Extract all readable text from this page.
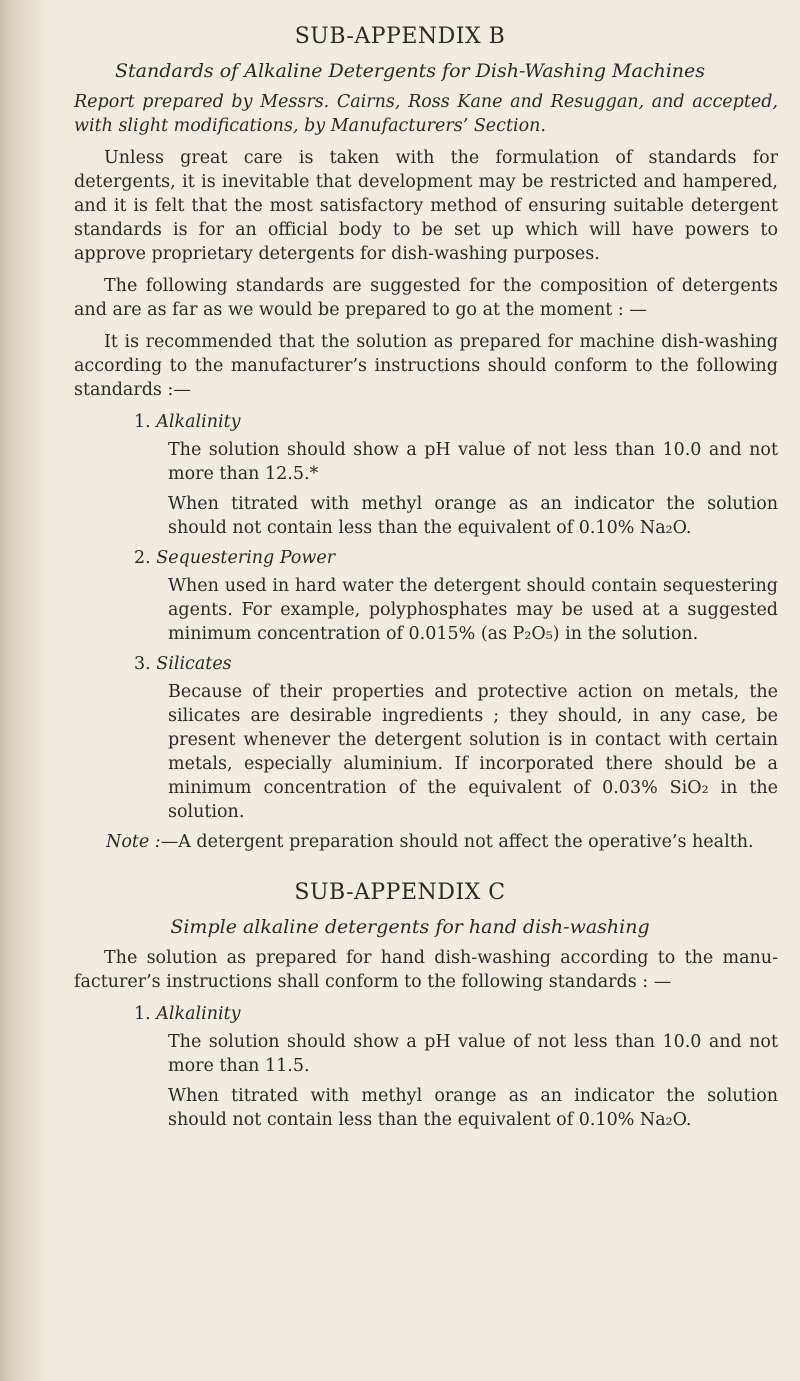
SUB-APPENDIX B
Standards of Alkaline Detergents for Dish-Washing Machines
Report prepared by Messrs. Cairns, Ross Kane and Resuggan, and accepted, with slight modifications, by Manufacturers’ Section.
Unless great care is taken with the formulation of standards for detergents, it is inevitable that development may be restricted and hampered, and it is felt that the most satisfactory method of ensuring suitable detergent standards is for an official body to be set up which will have powers to approve proprietary detergents for dish-washing purposes.
The following standards are suggested for the composition of detergents and are as far as we would be prepared to go at the moment : —
It is recommended that the solution as prepared for machine dish-washing according to the manufacturer’s instructions should conform to the following standards :—
1. Alkalinity
The solution should show a pH value of not less than 10.0 and not more than 12.5.*
When titrated with methyl orange as an indicator the solution should not contain less than the equivalent of 0.10% Na₂O.
2. Sequestering Power
When used in hard water the detergent should contain sequestering agents. For example, polyphosphates may be used at a suggested minimum concentration of 0.015% (as P₂O₅) in the solution.
3. Silicates
Because of their properties and protective action on metals, the silicates are desirable ingredients ; they should, in any case, be present whenever the detergent solution is in contact with certain metals, especially aluminium. If incorporated there should be a minimum concentration of the equivalent of 0.03% SiO₂ in the solution.
Note :—A detergent preparation should not affect the operative’s health.
SUB-APPENDIX C
Simple alkaline detergents for hand dish-washing
The solution as prepared for hand dish-washing according to the manu-facturer’s instructions shall conform to the following standards : —
1. Alkalinity
The solution should show a pH value of not less than 10.0 and not more than 11.5.
When titrated with methyl orange as an indicator the solution should not contain less than the equivalent of 0.10% Na₂O.
